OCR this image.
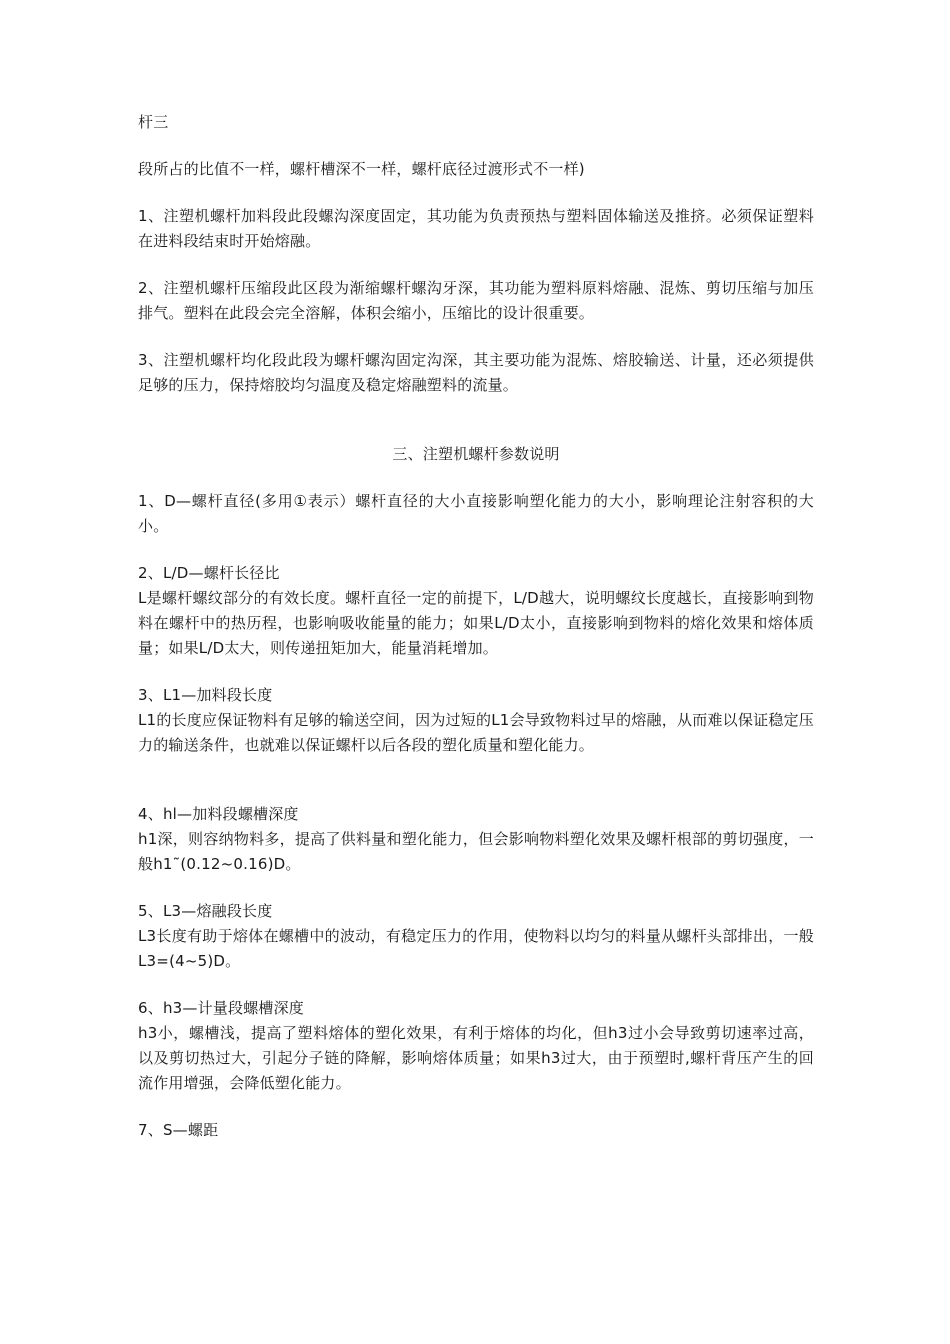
杆三

段所占的比值不一样，螺杆槽深不一样，螺杆底径过渡形式不一样)

1、注塑机螺杆加料段此段螺沟深度固定，其功能为负责预热与塑料固体输送及推挤。必须保证塑料在进料段结束时开始熔融。

2、注塑机螺杆压缩段此区段为渐缩螺杆螺沟牙深，其功能为塑料原料熔融、混炼、剪切压缩与加压排气。塑料在此段会完全溶解，体积会缩小，压缩比的设计很重要。

3、注塑机螺杆均化段此段为螺杆螺沟固定沟深，其主要功能为混炼、熔胶输送、计量，还必须提供足够的压力，保持熔胶均匀温度及稳定熔融塑料的流量。

三、注塑机螺杆参数说明

1、D—螺杆直径(多用①表示）螺杆直径的大小直接影响塑化能力的大小，影响理论注射容积的大小。

2、L/D—螺杆长径比

L是螺杆螺纹部分的有效长度。螺杆直径一定的前提下，L/D越大，说明螺纹长度越长，直接影响到物料在螺杆中的热历程，也影响吸收能量的能力；如果L/D太小，直接影响到物料的熔化效果和熔体质量；如果L/D太大，则传递扭矩加大，能量消耗增加。

3、L1—加料段长度

L1的长度应保证物料有足够的输送空间，因为过短的L1会导致物料过早的熔融，从而难以保证稳定压力的输送条件，也就难以保证螺杆以后各段的塑化质量和塑化能力。

4、hl—加料段螺槽深度

h1深，则容纳物料多，提高了供料量和塑化能力，但会影响物料塑化效果及螺杆根部的剪切强度，一般h1˜(0.12~0.16)D。

5、L3—熔融段长度

L3长度有助于熔体在螺槽中的波动，有稳定压力的作用，使物料以均匀的料量从螺杆头部排出，一般L3=(4~5)D。

6、h3—计量段螺槽深度

h3小，螺槽浅，提高了塑料熔体的塑化效果，有利于熔体的均化，但h3过小会导致剪切速率过高，以及剪切热过大，引起分子链的降解，影响熔体质量；如果h3过大，由于预塑时,螺杆背压产生的回流作用增强，会降低塑化能力。

7、S—螺距
